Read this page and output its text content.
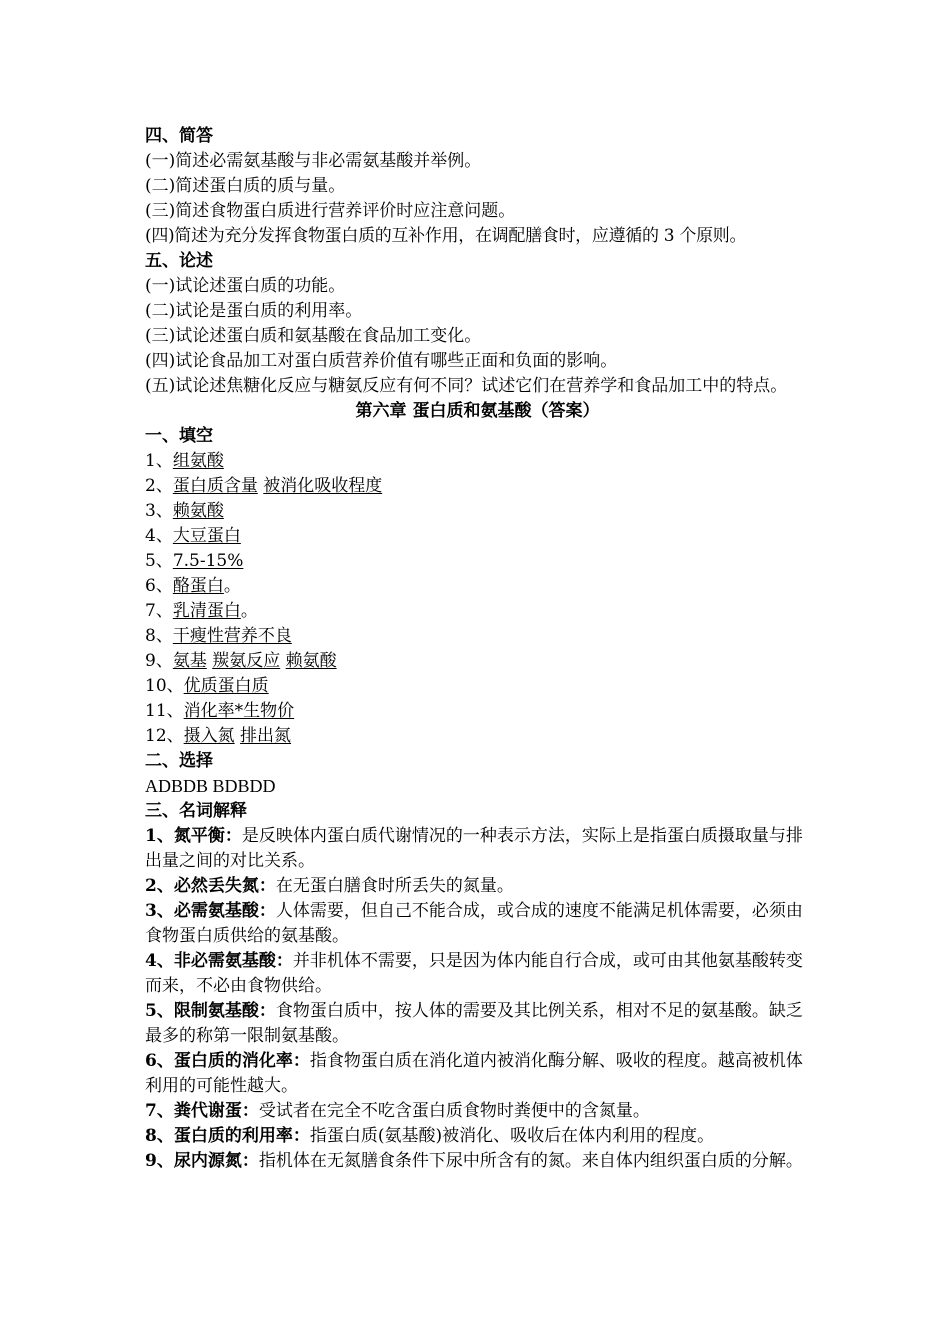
四、简答
(一)简述必需氨基酸与非必需氨基酸并举例。
(二)简述蛋白质的质与量。
(三)简述食物蛋白质进行营养评价时应注意问题。
(四)简述为充分发挥食物蛋白质的互补作用，在调配膳食时，应遵循的 3 个原则。
五、论述
(一)试论述蛋白质的功能。
(二)试论是蛋白质的利用率。
(三)试论述蛋白质和氨基酸在食品加工变化。
(四)试论食品加工对蛋白质营养价值有哪些正面和负面的影响。
(五)试论述焦糖化反应与糖氨反应有何不同？试述它们在营养学和食品加工中的特点。
第六章 蛋白质和氨基酸（答案）
一、填空
1、组氨酸
2、蛋白质含量 被消化吸收程度
3、赖氨酸
4、大豆蛋白
5、7.5-15%
6、酪蛋白。
7、乳清蛋白。
8、干瘦性营养不良
9、氨基 羰氨反应 赖氨酸
10、优质蛋白质
11、消化率*生物价
12、摄入氮 排出氮
二、选择
ADBDB BDBDD
三、名词解释
1、氮平衡：是反映体内蛋白质代谢情况的一种表示方法，实际上是指蛋白质摄取量与排出量之间的对比关系。
2、必然丢失氮：在无蛋白膳食时所丢失的氮量。
3、必需氨基酸：人体需要，但自己不能合成，或合成的速度不能满足机体需要，必须由食物蛋白质供给的氨基酸。
4、非必需氨基酸：并非机体不需要，只是因为体内能自行合成，或可由其他氨基酸转变而来，不必由食物供给。
5、限制氨基酸：食物蛋白质中，按人体的需要及其比例关系，相对不足的氨基酸。缺乏最多的称第一限制氨基酸。
6、蛋白质的消化率：指食物蛋白质在消化道内被消化酶分解、吸收的程度。越高被机体利用的可能性越大。
7、粪代谢蛋：受试者在完全不吃含蛋白质食物时粪便中的含氮量。
8、蛋白质的利用率：指蛋白质(氨基酸)被消化、吸收后在体内利用的程度。
9、尿内源氮：指机体在无氮膳食条件下尿中所含有的氮。来自体内组织蛋白质的分解。
